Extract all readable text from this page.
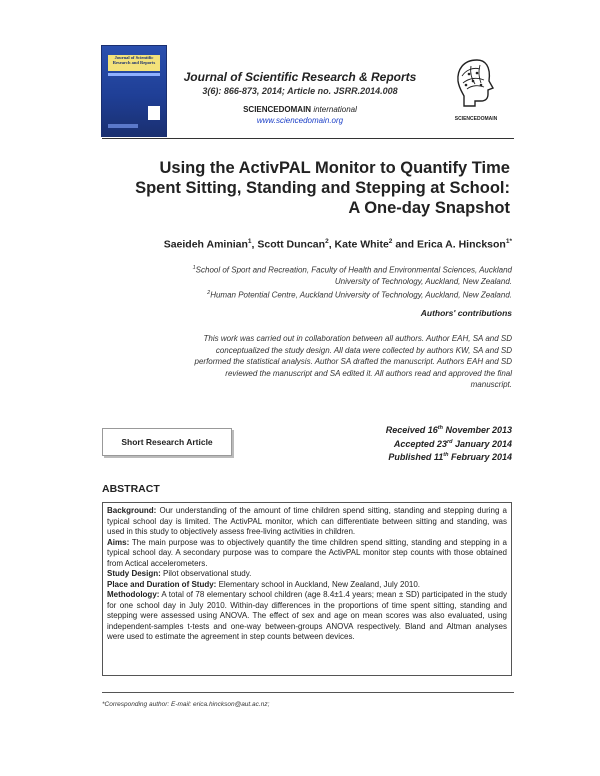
Journal of Scientific Research and Reports
Journal of Scientific Research & Reports
3(6): 866-873, 2014; Article no. JSRR.2014.008
SCIENCEDOMAIN international
www.sciencedomain.org	SCIENCEDOMAIN
Using the ActivPAL Monitor to Quantify Time
Spent Sitting, Standing and Stepping at School:
A One-day Snapshot
Saeideh Aminian$^1$, Scott Duncan$^2$, Kate White$^2$ and Erica A. Hinckson$^{1*}$
$^1$School of Sport and Recreation, Faculty of Health and Environmental Sciences, Auckland
University of Technology, Auckland, New Zealand.
$^2$Human Potential Centre, Auckland University of Technology, Auckland, New Zealand.
Authors' contributions
This work was carried out in collaboration between all authors. Author EAH, SA and SD
conceptualized the study design. All data were collected by authors KW, SA and SD
performed the statistical analysis. Author SA drafted the manuscript. Authors EAH and SD
reviewed the manuscript and SA edited it. All authors read and approved the final
manuscript.
Short Research Article
Received 16th November 2013
Accepted 23rd January 2014
Published 11th February 2014
ABSTRACT

Background: Our understanding of the amount of time children spend sitting, standing and stepping during a typical school day is limited. The ActivPAL monitor, which can differentiate between sitting and standing, was used in this study to objectively assess free-living activities in children.

Aims: The main purpose was to objectively quantify the time children spend sitting, standing and stepping in a typical school day. A secondary purpose was to compare the ActivPAL monitor step counts with those obtained from Actical accelerometers.

Study Design: Pilot observational study.

Place and Duration of Study: Elementary school in Auckland, New Zealand, July 2010.

Methodology: A total of 78 elementary school children (age 8.4±1.4 years; mean ± SD) participated in the study for one school day in July 2010. Within-day differences in the proportions of time spent sitting, standing and stepping were assessed using ANOVA. The effect of sex and age on mean scores was also evaluated, using independent-samples t-tests and one-way between-groups ANOVA respectively. Bland and Altman analyses were used to estimate the agreement in step counts between devices.

*Corresponding author: E-mail: erica.hinckson@aut.ac.nz;
